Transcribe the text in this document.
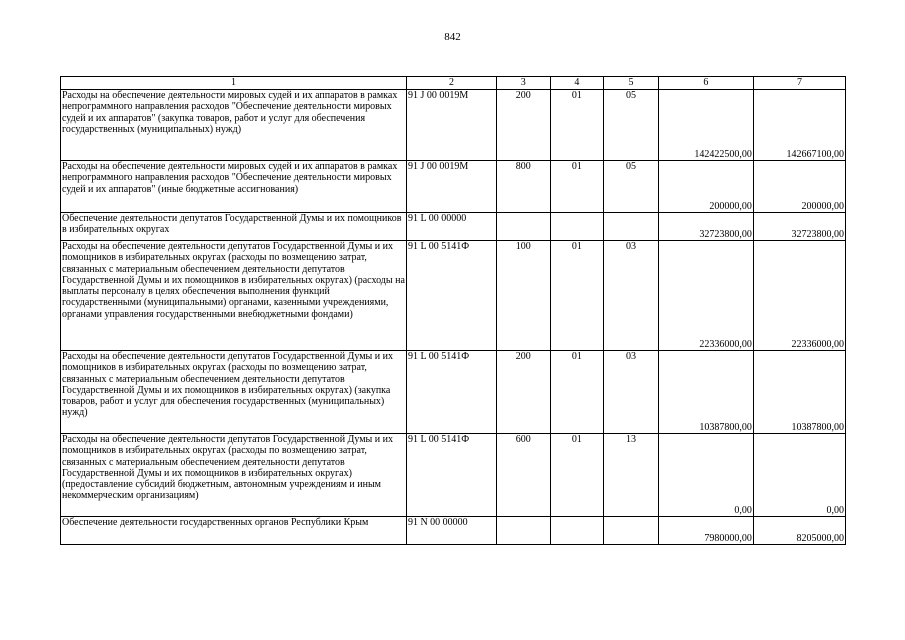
842
1	2	3	4	5	6	7
Расходы на обеспечение деятельности мировых судей и их аппаратов в рамках непрограммного направления расходов "Обеспечение деятельности мировых судей и их аппаратов" (закупка товаров, работ и услуг для обеспечения государственных (муниципальных) нужд)	91 J 00 0019M	200	01	05	142422500,00	142667100,00
Расходы на обеспечение деятельности мировых судей и их аппаратов в рамках непрограммного направления расходов "Обеспечение деятельности мировых судей и их аппаратов" (иные бюджетные ассигнования)	91 J 00 0019M	800	01	05	200000,00	200000,00
Обеспечение деятельности депутатов Государственной Думы и их помощников в избирательных округах	91 L 00 00000				32723800,00	32723800,00
Расходы на обеспечение деятельности депутатов Государственной Думы и их помощников в избирательных округах (расходы по возмещению затрат, связанных с материальным обеспечением деятельности депутатов Государственной Думы и их помощников в избирательных округах) (расходы на выплаты персоналу в целях обеспечения выполнения функций государственными (муниципальными) органами, казенными учреждениями, органами управления государственными внебюджетными фондами)	91 L 00 5141Ф	100	01	03	22336000,00	22336000,00
Расходы на обеспечение деятельности депутатов Государственной Думы и их помощников в избирательных округах (расходы по возмещению затрат, связанных с материальным обеспечением деятельности депутатов Государственной Думы и их помощников в избирательных округах) (закупка товаров, работ и услуг для обеспечения государственных (муниципальных) нужд)	91 L 00 5141Ф	200	01	03	10387800,00	10387800,00
Расходы на обеспечение деятельности депутатов Государственной Думы и их помощников в избирательных округах (расходы по возмещению затрат, связанных с материальным обеспечением деятельности депутатов Государственной Думы и их помощников в избирательных округах) (предоставление субсидий бюджетным, автономным учреждениям и иным некоммерческим организациям)	91 L 00 5141Ф	600	01	13	0,00	0,00
Обеспечение деятельности государственных органов Республики Крым	91 N 00 00000				7980000,00	8205000,00
